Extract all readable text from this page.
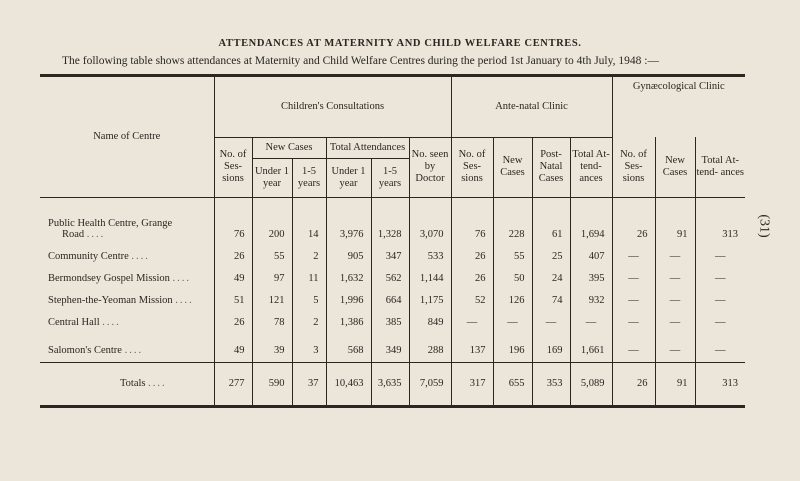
ATTENDANCES AT MATERNITY AND CHILD WELFARE CENTRES.
The following table shows attendances at Maternity and Child Welfare Centres during the period 1st January to 4th July, 1948 :—
(31)
Name of Centre	Children's Consultations						Ante-natal Clinic				Gynæcological Clinic		
	No. of Ses- sions	New Cases		Total Attendances		No. seen by Doctor	No. of Ses- sions	New Cases	Post- Natal Cases	Total At- tend- ances	No. of Ses- sions	New Cases	Total At- tend- ances
		Under 1 year	1-5 years	Under 1 year	1-5 years								
Public Health Centre, Grange

Road ....	76	200	14	3,976	1,328	3,070	76	228	61	1,694	26	91	313
Community Centre ....	26	55	2	905	347	533	26	55	25	407	—	—	—
Bermondsey Gospel Mission ....	49	97	11	1,632	562	1,144	26	50	24	395	—	—	—
Stephen-the-Yeoman Mission ....	51	121	5	1,996	664	1,175	52	126	74	932	—	—	—
Central Hall ....	26	78	2	1,386	385	849	—	—	—	—	—	—	—
Salomon's Centre ....	49	39	3	568	349	288	137	196	169	1,661	—	—	—
Totals ....	277	590	37	10,463	3,635	7,059	317	655	353	5,089	26	91	313
